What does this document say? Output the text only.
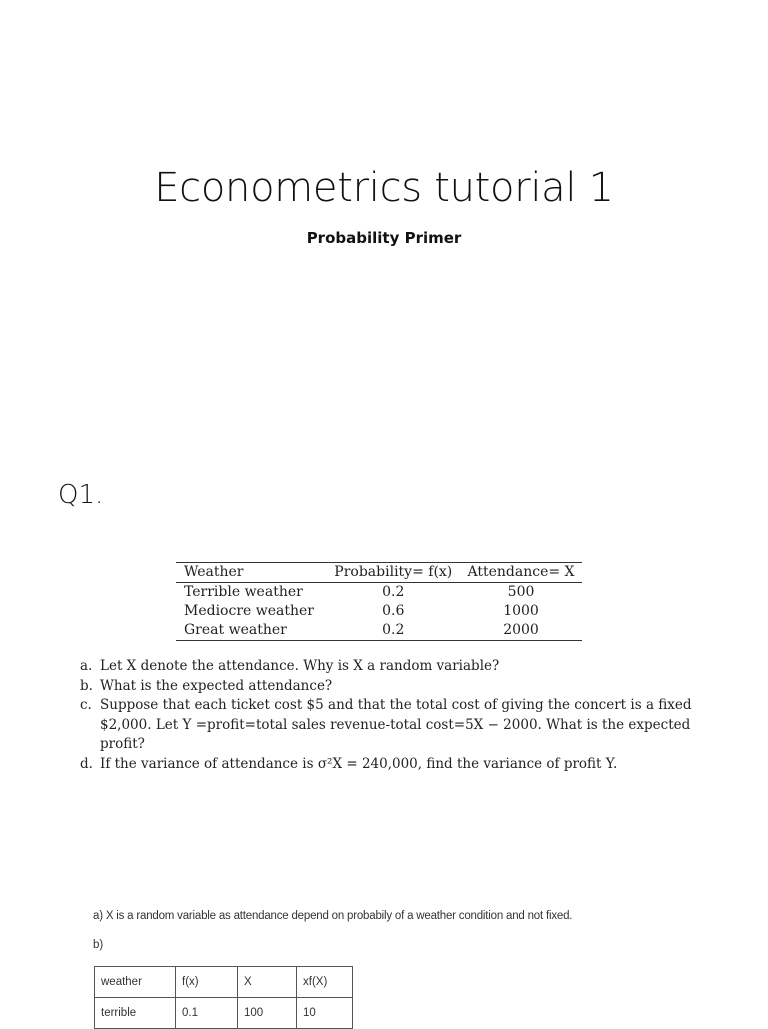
Econometrics tutorial 1
Probability Primer
Q1.
Weather	Probability= f(x)	Attendance= X
Terrible weather	0.2	500
Mediocre weather	0.6	1000
Great weather	0.2	2000
a. Let X denote the attendance. Why is X a random variable?
b. What is the expected attendance?
c. Suppose that each ticket cost $5 and that the total cost of giving the concert is a fixed $2,000. Let Y =profit=total sales revenue-total cost=5X − 2000. What is the expected profit?
d. If the variance of attendance is σ²X = 240,000, find the variance of profit Y.
a) X is a random variable as attendance depend on probabily of a weather condition and not fixed.
b)
weather	f(x)	X	xf(X)
terrible	0.1	100	10
